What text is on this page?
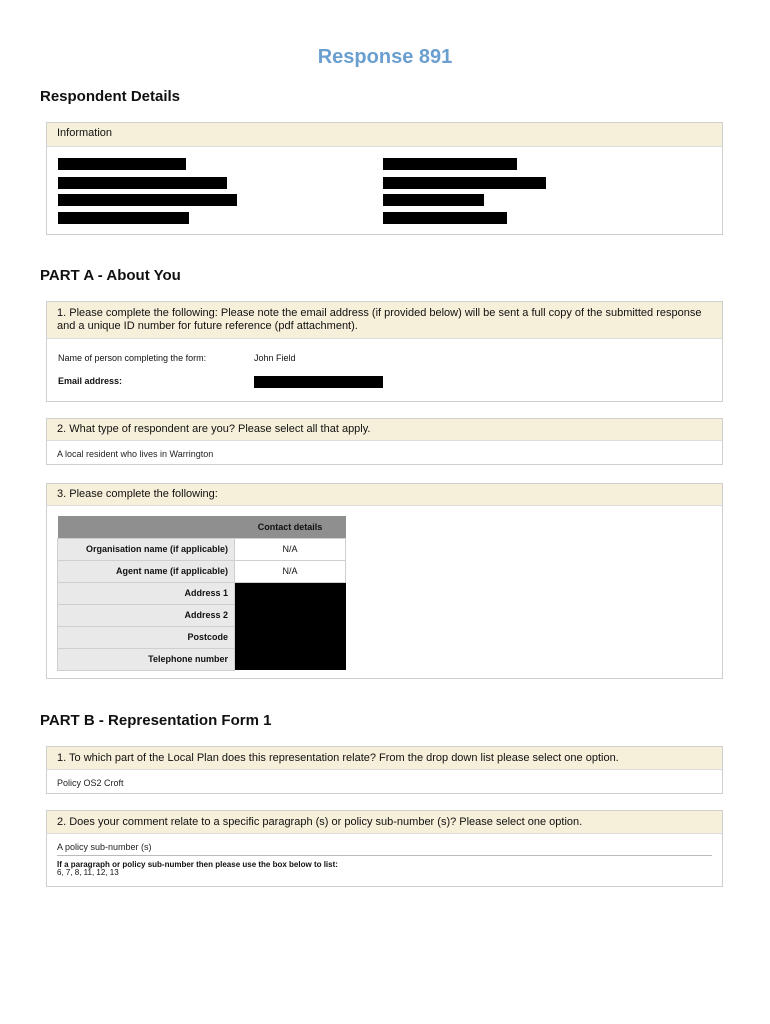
Response 891
Respondent Details
Information
PART A - About You
1. Please complete the following: Please note the email address (if provided below) will be sent a full copy of the submitted response and a unique ID number for future reference (pdf attachment).
Name of person completing the form:	John Field
Email address:
2. What type of respondent are you? Please select all that apply.
A local resident who lives in Warrington
3. Please complete the following:
	Contact details
Organisation name (if applicable)	N/A
Agent name (if applicable)	N/A
Address 1	
Address 2	
Postcode	
Telephone number	
PART B - Representation Form 1
1. To which part of the Local Plan does this representation relate? From the drop down list please select one option.
Policy OS2 Croft
2. Does your comment relate to a specific paragraph (s) or policy sub-number (s)? Please select one option.
A policy sub-number (s)
If a paragraph or policy sub-number then please use the box below to list:
6, 7, 8, 11, 12, 13
